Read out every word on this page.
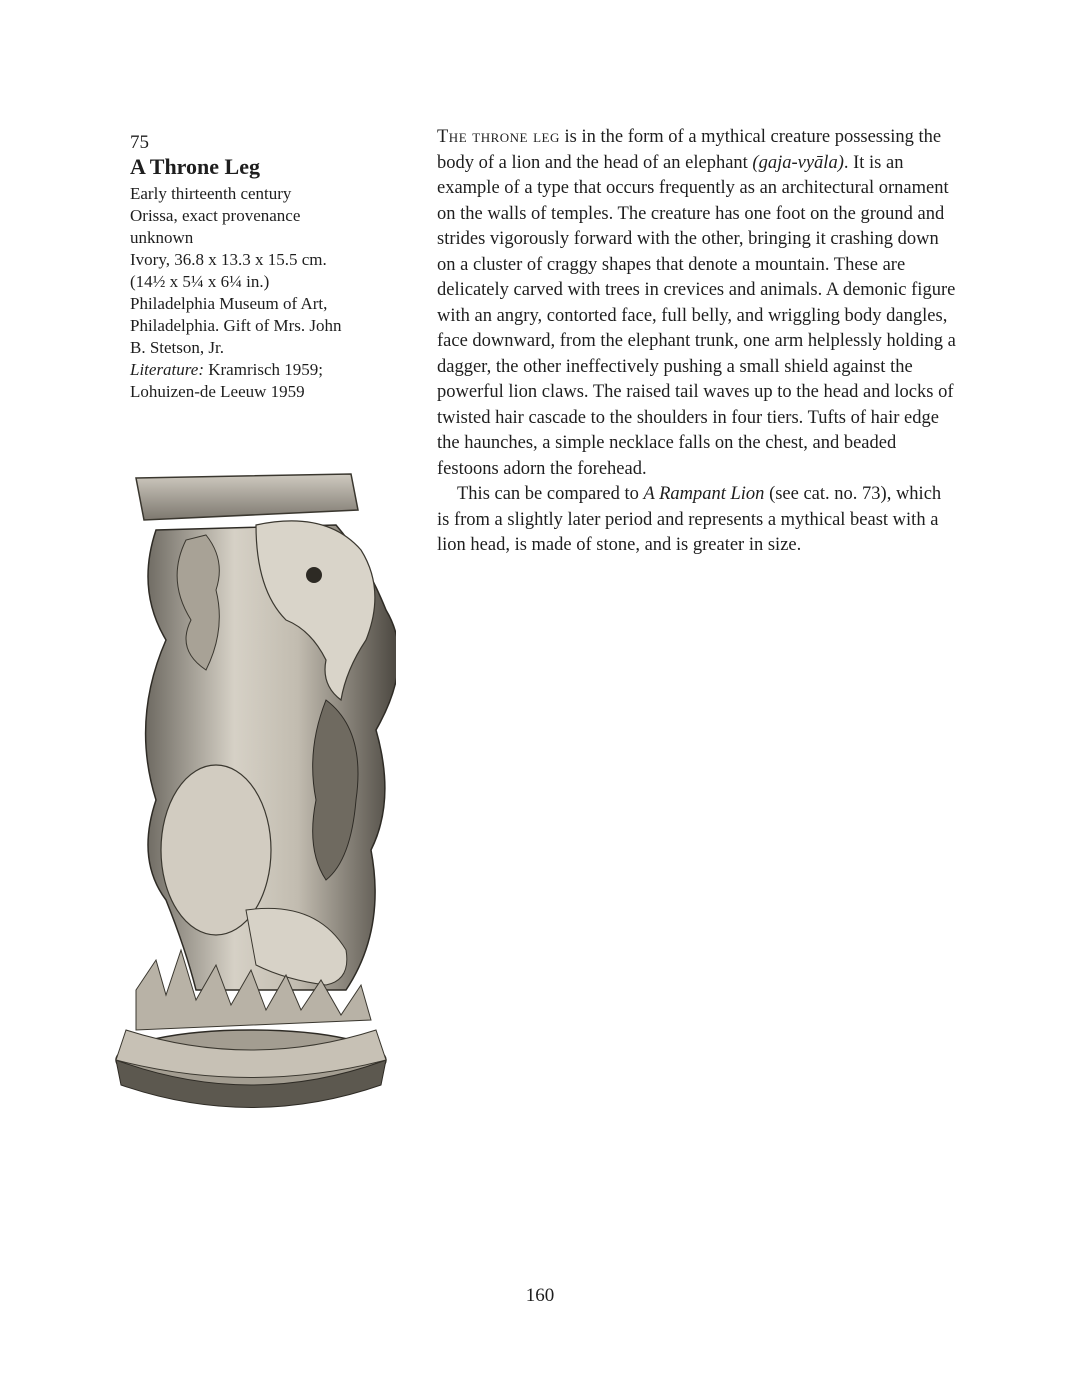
75
A Throne Leg
Early thirteenth century
Orissa, exact provenance
unknown
Ivory, 36.8 x 13.3 x 15.5 cm.
(14½ x 5¼ x 6¼ in.)
Philadelphia Museum of Art,
Philadelphia. Gift of Mrs. John
B. Stetson, Jr.
Literature: Kramrisch 1959;
Lohuizen-de Leeuw 1959

The throne leg is in the form of a mythical creature possessing the body of a lion and the head of an elephant (gaja-vyāla). It is an example of a type that occurs frequently as an architectural ornament on the walls of temples. The creature has one foot on the ground and strides vigorously forward with the other, bringing it crashing down on a cluster of craggy shapes that denote a mountain. These are delicately carved with trees in crevices and animals. A demonic figure with an angry, contorted face, full belly, and wriggling body dangles, face downward, from the elephant trunk, one arm helplessly holding a dagger, the other ineffectively pushing a small shield against the powerful lion claws. The raised tail waves up to the head and locks of twisted hair cascade to the shoulders in four tiers. Tufts of hair edge the haunches, a simple necklace falls on the chest, and beaded festoons adorn the forehead.

This can be compared to A Rampant Lion (see cat. no. 73), which is from a slightly later period and represents a mythical beast with a lion head, is made of stone, and is greater in size.

160
